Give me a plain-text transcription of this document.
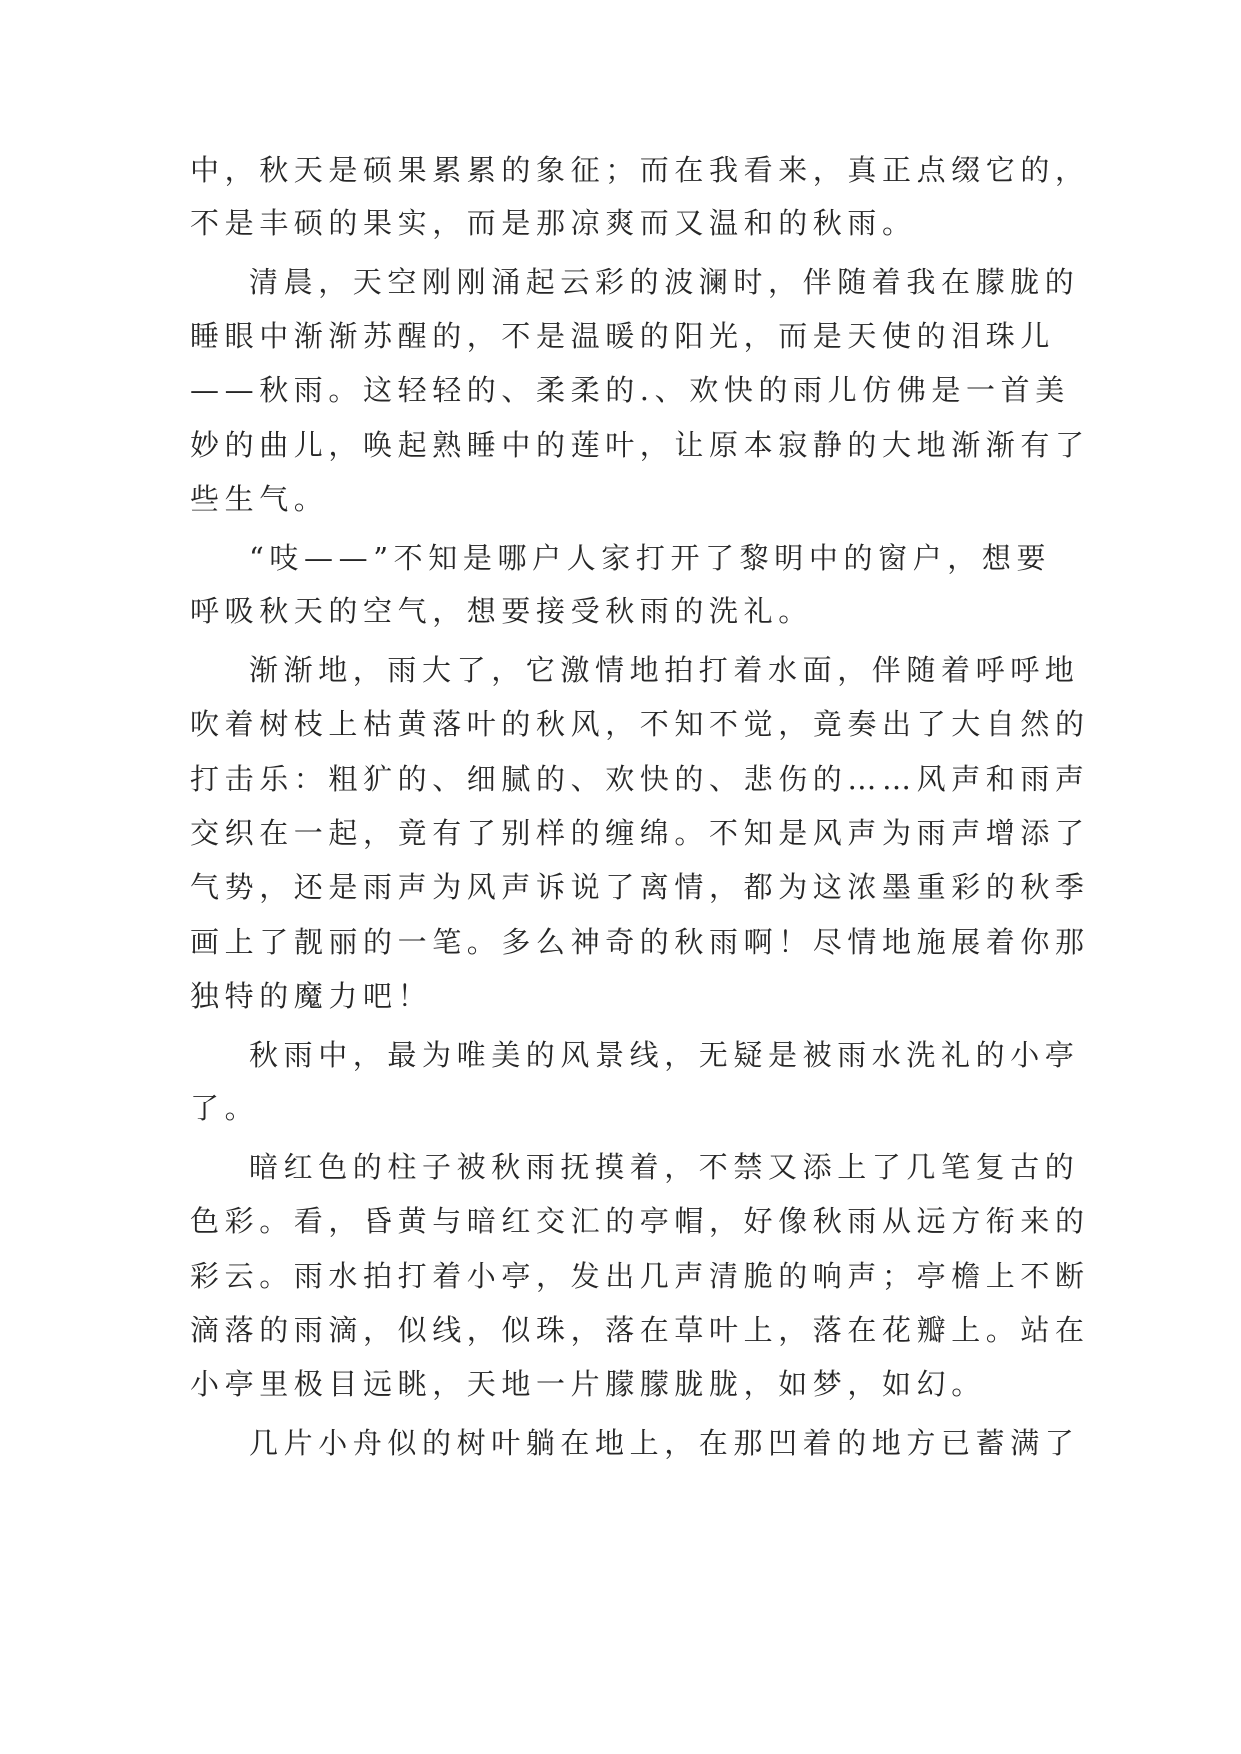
中，秋天是硕果累累的象征；而在我看来，真正点缀它的，
不是丰硕的果实，而是那凉爽而又温和的秋雨。
清晨，天空刚刚涌起云彩的波澜时，伴随着我在朦胧的
睡眼中渐渐苏醒的，不是温暖的阳光，而是天使的泪珠儿
——秋雨。这轻轻的、柔柔的.、欢快的雨儿仿佛是一首美
妙的曲儿，唤起熟睡中的莲叶，让原本寂静的大地渐渐有了
些生气。
“吱——”不知是哪户人家打开了黎明中的窗户，想要
呼吸秋天的空气，想要接受秋雨的洗礼。
渐渐地，雨大了，它激情地拍打着水面，伴随着呼呼地
吹着树枝上枯黄落叶的秋风，不知不觉，竟奏出了大自然的
打击乐：粗犷的、细腻的、欢快的、悲伤的……风声和雨声
交织在一起，竟有了别样的缠绵。不知是风声为雨声增添了
气势，还是雨声为风声诉说了离情，都为这浓墨重彩的秋季
画上了靓丽的一笔。多么神奇的秋雨啊！尽情地施展着你那
独特的魔力吧！
秋雨中，最为唯美的风景线，无疑是被雨水洗礼的小亭
了。
暗红色的柱子被秋雨抚摸着，不禁又添上了几笔复古的
色彩。看，昏黄与暗红交汇的亭帽，好像秋雨从远方衔来的
彩云。雨水拍打着小亭，发出几声清脆的响声；亭檐上不断
滴落的雨滴，似线，似珠，落在草叶上，落在花瓣上。站在
小亭里极目远眺，天地一片朦朦胧胧，如梦，如幻。
几片小舟似的树叶躺在地上，在那凹着的地方已蓄满了
